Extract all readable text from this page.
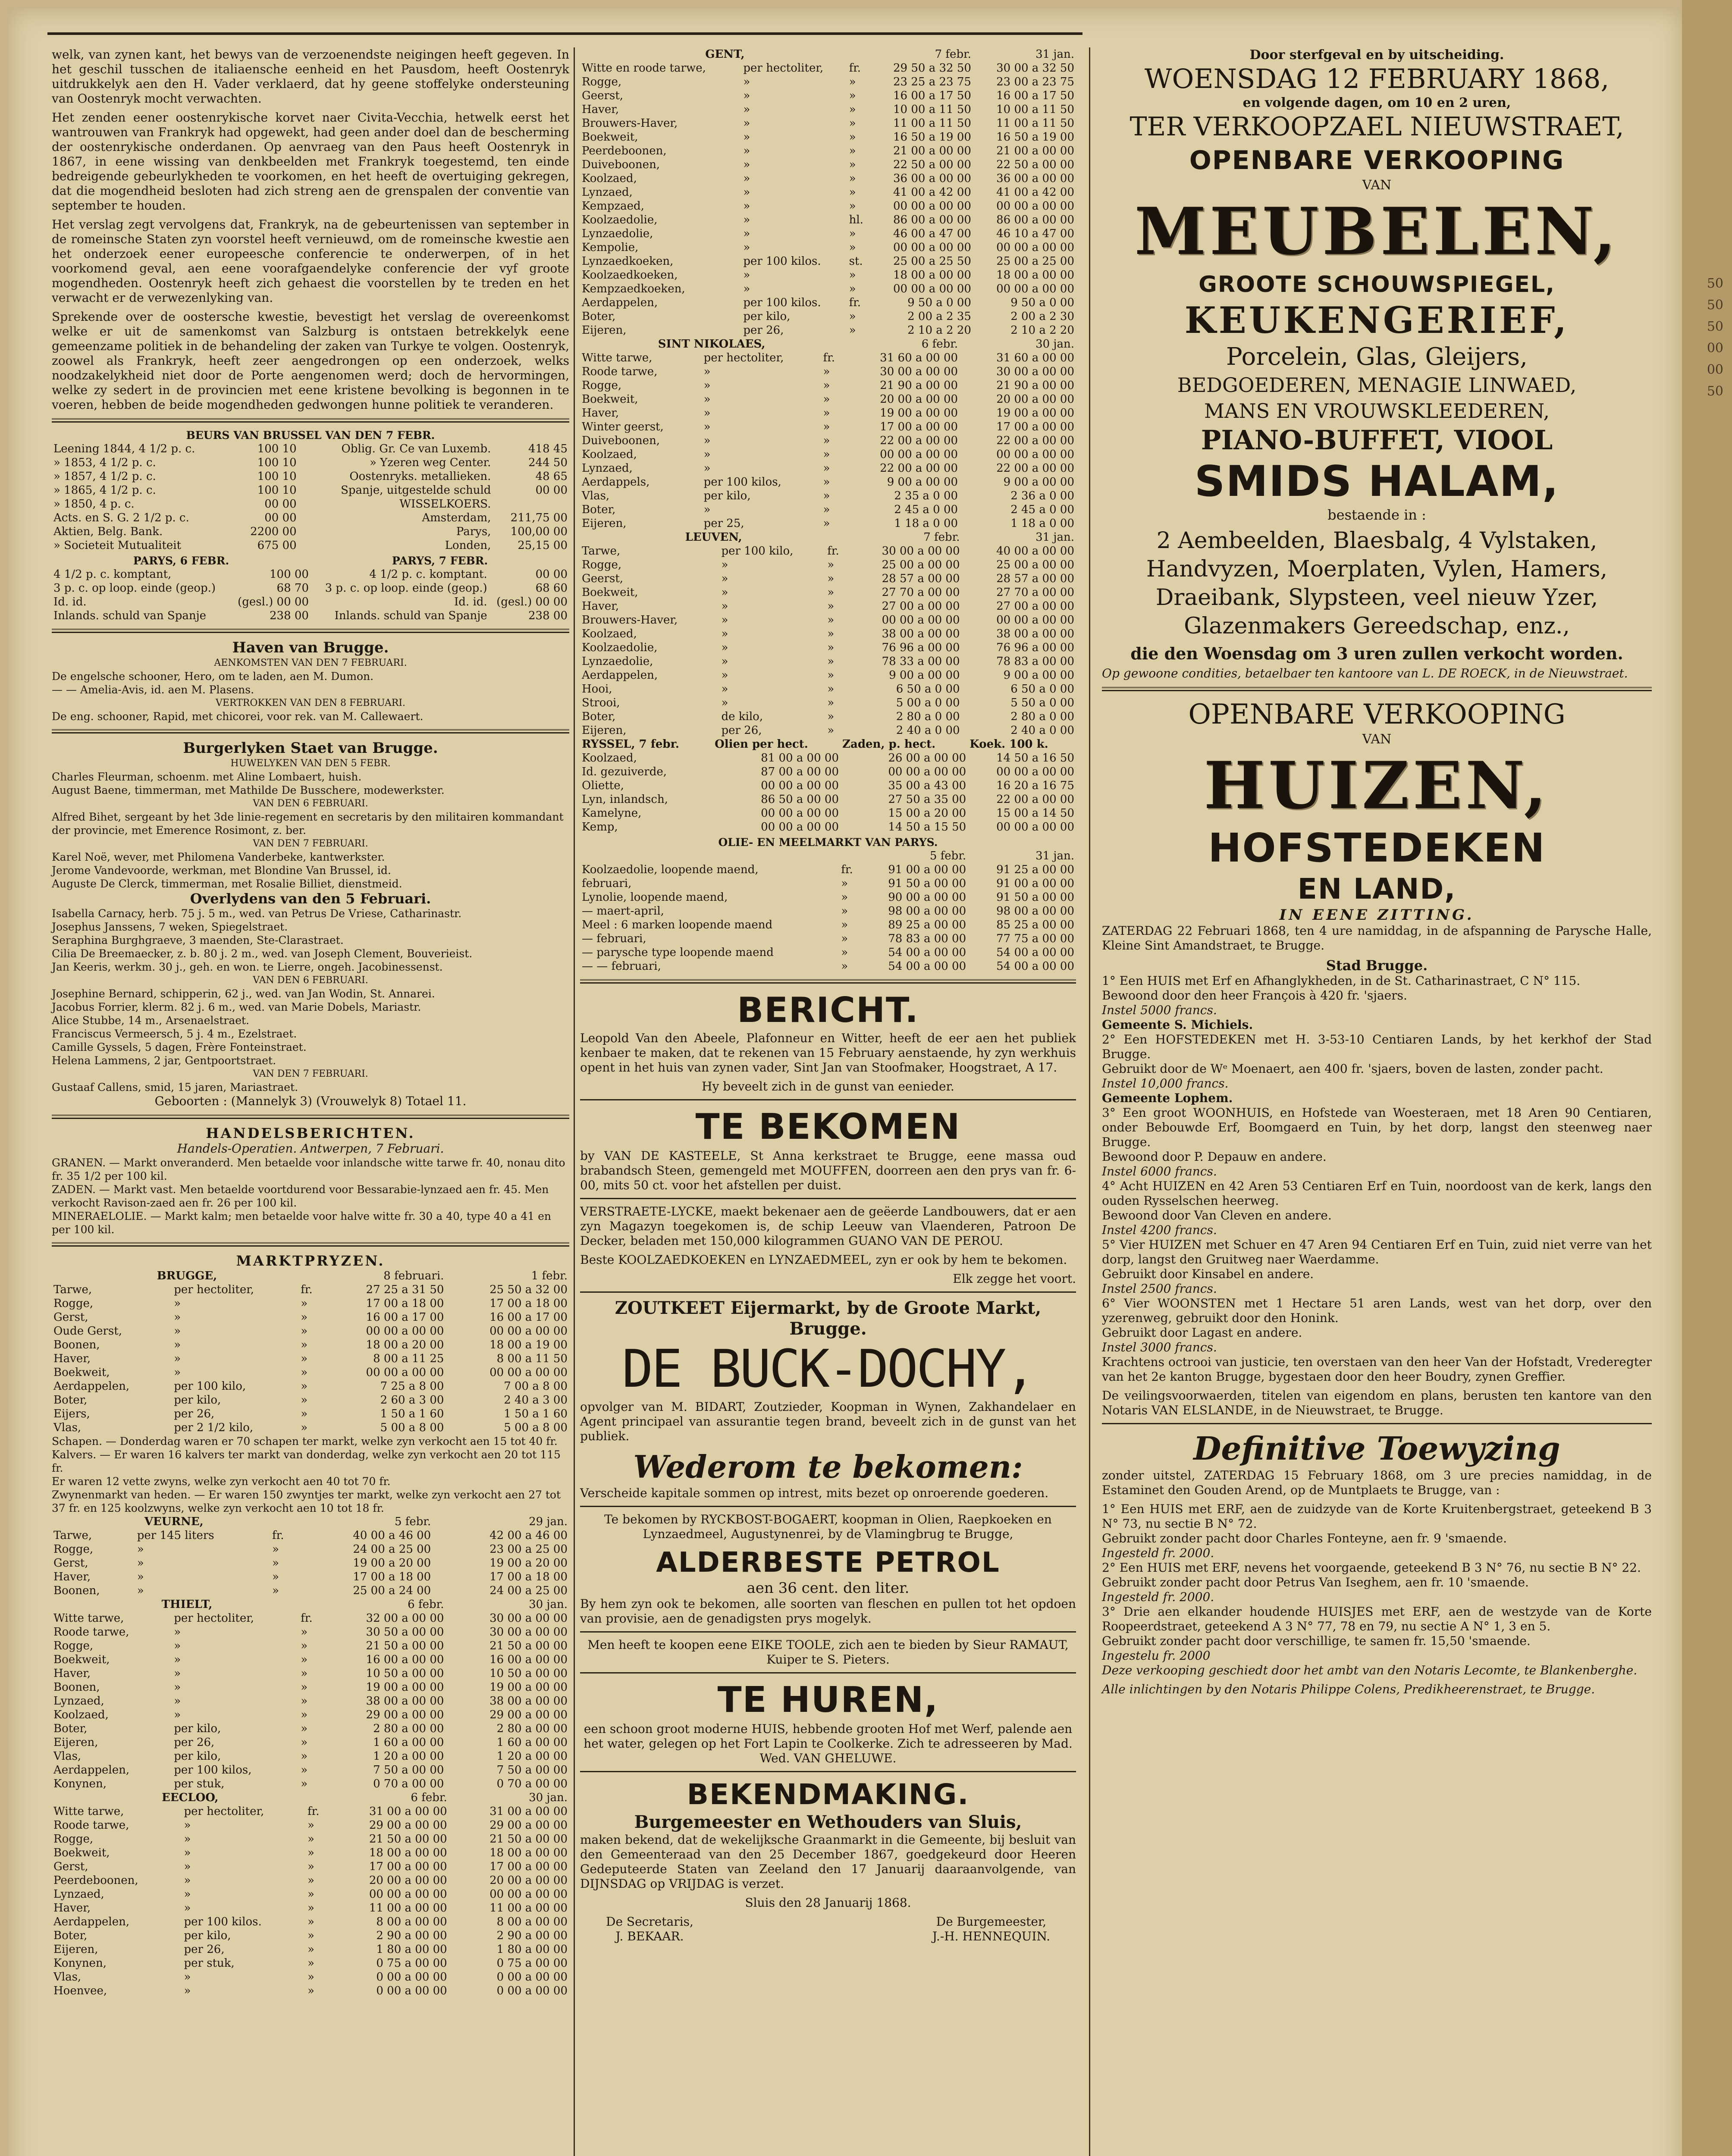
50
50
50
00
00
50

welk, van zynen kant, het bewys van de verzoenendste neigingen heeft gegeven. In het geschil tusschen de italiaensche eenheid en het Pausdom, heeft Oostenryk uitdrukkelyk aen den H. Vader verklaerd, dat hy geene stoffelyke ondersteuning van Oostenryk mocht verwachten.

Het zenden eener oostenrykische korvet naer Civita-Vecchia, hetwelk eerst het wantrouwen van Frankryk had opgewekt, had geen ander doel dan de bescherming der oostenrykische onderdanen. Op aenvraeg van den Paus heeft Oostenryk in 1867, in eene wissing van denkbeelden met Frankryk toegestemd, ten einde bedreigende gebeurlykheden te voorkomen, en het heeft de overtuiging gekregen, dat die mogendheid besloten had zich streng aen de grenspalen der conventie van september te houden.

Het verslag zegt vervolgens dat, Frankryk, na de gebeurtenissen van september in de romeinsche Staten zyn voorstel heeft vernieuwd, om de romeinsche kwestie aen het onderzoek eener europeesche conferencie te onderwerpen, of in het voorkomend geval, aen eene voorafgaendelyke conferencie der vyf groote mogendheden. Oostenryk heeft zich gehaest die voorstellen by te treden en het verwacht er de verwezenlyking van.

Sprekende over de oostersche kwestie, bevestigt het verslag de overeenkomst welke er uit de samenkomst van Salzburg is ontstaen betrekkelyk eene gemeenzame politiek in de behandeling der zaken van Turkye te volgen. Oostenryk, zoowel als Frankryk, heeft zeer aengedrongen op een onderzoek, welks noodzakelykheid niet door de Porte aengenomen werd; doch de hervormingen, welke zy sedert in de provincien met eene kristene bevolking is begonnen in te voeren, hebben de beide mogendheden gedwongen hunne politiek te veranderen.

BEURS VAN BRUSSEL VAN DEN 7 FEBR.
Leening 1844, 4 1/2 p. c.	100 10	Oblig. Gr. Ce van Luxemb.	418 45
» 1853, 4 1/2 p. c.	100 10	» Yzeren weg Center.	244 50
» 1857, 4 1/2 p. c.	100 10	Oostenryks. metallieken.	48 65
» 1865, 4 1/2 p. c.	100 10	Spanje, uitgestelde schuld	00 00
» 1850, 4 p. c.	00 00	WISSELKOERS.	
Acts. en S. G. 2 1/2 p. c.	00 00	Amsterdam,	211,75 00
Aktien, Belg. Bank.	2200 00	Parys,	100,00 00
» Societeit Mutualiteit	675 00	Londen,	25,15 00
PARYS, 6 FEBR.	PARYS, 7 FEBR.
4 1/2 p. c. komptant,	100 00	4 1/2 p. c. komptant.	00 00
3 p. c. op loop. einde (geop.)	68 70	3 p. c. op loop. einde (geop.)	68 60
Id. id.	(gesl.) 00 00	Id. id.	(gesl.) 00 00
Inlands. schuld van Spanje	238 00	Inlands. schuld van Spanje	238 00
Haven van Brugge.
AENKOMSTEN VAN DEN 7 FEBRUARI.
De engelsche schooner, Hero, om te laden, aen M. Dumon.
— — Amelia-Avis, id. aen M. Plasens.
VERTROKKEN VAN DEN 8 FEBRUARI.
De eng. schooner, Rapid, met chicorei, voor rek. van M. Callewaert.
Burgerlyken Staet van Brugge.
HUWELYKEN VAN DEN 5 FEBR.
Charles Fleurman, schoenm. met Aline Lombaert, huish.
August Baene, timmerman, met Mathilde De Busschere, modewerkster.
VAN DEN 6 FEBRUARI.
Alfred Bihet, sergeant by het 3de linie-regement en secretaris by den militairen kommandant der provincie, met Emerence Rosimont, z. ber.
VAN DEN 7 FEBRUARI.
Karel Noë, wever, met Philomena Vanderbeke, kantwerkster.
Jerome Vandevoorde, werkman, met Blondine Van Brussel, id.
Auguste De Clerck, timmerman, met Rosalie Billiet, dienstmeid.
Overlydens van den 5 Februari.
Isabella Carnacy, herb. 75 j. 5 m., wed. van Petrus De Vriese, Catharinastr.
Josephus Janssens, 7 weken, Spiegelstraet.
Seraphina Burghgraeve, 3 maenden, Ste-Clarastraet.
Cilia De Breemaecker, z. b. 80 j. 2 m., wed. van Joseph Clement, Bouverieist.
Jan Keeris, werkm. 30 j., geh. en won. te Lierre, ongeh. Jacobinessenst.
VAN DEN 6 FEBRUARI.
Josephine Bernard, schipperin, 62 j., wed. van Jan Wodin, St. Annarei.
Jacobus Forrier, klerm. 82 j. 6 m., wed. van Marie Dobels, Mariastr.
Alice Stubbe, 14 m., Arsenaelstraet.
Franciscus Vermeersch, 5 j. 4 m., Ezelstraet.
Camille Gyssels, 5 dagen, Frère Fonteinstraet.
Helena Lammens, 2 jar, Gentpoortstraet.
VAN DEN 7 FEBRUARI.
Gustaaf Callens, smid, 15 jaren, Mariastraet.
Geboorten : (Mannelyk 3) (Vrouwelyk 8) Totael 11.
HANDELSBERICHTEN.
Handels-Operatien. Antwerpen, 7 Februari.
GRANEN. — Markt onveranderd. Men betaelde voor inlandsche witte tarwe fr. 40, nonau dito fr. 35 1/2 per 100 kil.
ZADEN. — Markt vast. Men betaelde voortdurend voor Bessarabie-lynzaed aen fr. 45. Men verkocht Ravison-zaed aen fr. 26 per 100 kil.
MINERAELOLIE. — Markt kalm; men betaelde voor halve witte fr. 30 a 40, type 40 a 41 en per 100 kil.
MARKTPRYZEN.
BRUGGE,			8 februari.	1 febr.
Tarwe,	per hectoliter,	fr.	27 25 a 31 50	25 50 a 32 00
Rogge,	»	»	17 00 a 18 00	17 00 a 18 00
Gerst,	»	»	16 00 a 17 00	16 00 a 17 00
Oude Gerst,	»	»	00 00 a 00 00	00 00 a 00 00
Boonen,	»	»	18 00 a 20 00	18 00 a 19 00
Haver,	»	»	8 00 a 11 25	8 00 a 11 50
Boekweit,	»	»	00 00 a 00 00	00 00 a 00 00
Aerdappelen,	per 100 kilo,	»	7 25 a 8 00	7 00 a 8 00
Boter,	per kilo,	»	2 60 a 3 00	2 40 a 3 00
Eijers,	per 26,	»	1 50 a 1 60	1 50 a 1 60
Vlas,	per 2 1/2 kilo,	»	5 00 a 8 00	5 00 a 8 00
Schapen. — Donderdag waren er 70 schapen ter markt, welke zyn verkocht aen 15 tot 40 fr.
Kalvers. — Er waren 16 kalvers ter markt van donderdag, welke zyn verkocht aen 20 tot 115 fr.
Er waren 12 vette zwyns, welke zyn verkocht aen 40 tot 70 fr.
Zwynenmarkt van heden. — Er waren 150 zwyntjes ter markt, welke zyn verkocht aen 27 tot 37 fr. en 125 koolzwyns, welke zyn verkocht aen 10 tot 18 fr.
VEURNE,			5 febr.	29 jan.
Tarwe,	per 145 liters	fr.	40 00 a 46 00	42 00 a 46 00
Rogge,	»	»	24 00 a 25 00	23 00 a 25 00
Gerst,	»	»	19 00 a 20 00	19 00 a 20 00
Haver,	»	»	17 00 a 18 00	17 00 a 18 00
Boonen,	»	»	25 00 a 24 00	24 00 a 25 00
THIELT,			6 febr.	30 jan.
Witte tarwe,	per hectoliter,	fr.	32 00 a 00 00	30 00 a 00 00
Roode tarwe,	»	»	30 50 a 00 00	30 00 a 00 00
Rogge,	»	»	21 50 a 00 00	21 50 a 00 00
Boekweit,	»	»	16 00 a 00 00	16 00 a 00 00
Haver,	»	»	10 50 a 00 00	10 50 a 00 00
Boonen,	»	»	19 00 a 00 00	19 00 a 00 00
Lynzaed,	»	»	38 00 a 00 00	38 00 a 00 00
Koolzaed,	»	»	29 00 a 00 00	29 00 a 00 00
Boter,	per kilo,	»	2 80 a 00 00	2 80 a 00 00
Eijeren,	per 26,	»	1 60 a 00 00	1 60 a 00 00
Vlas,	per kilo,	»	1 20 a 00 00	1 20 a 00 00
Aerdappelen,	per 100 kilos,	»	7 50 a 00 00	7 50 a 00 00
Konynen,	per stuk,	»	0 70 a 00 00	0 70 a 00 00
EECLOO,			6 febr.	30 jan.
Witte tarwe,	per hectoliter,	fr.	31 00 a 00 00	31 00 a 00 00
Roode tarwe,	»	»	29 00 a 00 00	29 00 a 00 00
Rogge,	»	»	21 50 a 00 00	21 50 a 00 00
Boekweit,	»	»	18 00 a 00 00	18 00 a 00 00
Gerst,	»	»	17 00 a 00 00	17 00 a 00 00
Peerdeboonen,	»	»	20 00 a 00 00	20 00 a 00 00
Lynzaed,	»	»	00 00 a 00 00	00 00 a 00 00
Haver,	»	»	11 00 a 00 00	11 00 a 00 00
Aerdappelen,	per 100 kilos.	»	8 00 a 00 00	8 00 a 00 00
Boter,	per kilo,	»	2 90 a 00 00	2 90 a 00 00
Eijeren,	per 26,	»	1 80 a 00 00	1 80 a 00 00
Konynen,	per stuk,	»	0 75 a 00 00	0 75 a 00 00
Vlas,	»	»	0 00 a 00 00	0 00 a 00 00
Hoenvee,	»	»	0 00 a 00 00	0 00 a 00 00
GENT,			7 febr.	31 jan.
Witte en roode tarwe,	per hectoliter,	fr.	29 50 a 32 50	30 00 a 32 50
Rogge,	»	»	23 25 a 23 75	23 00 a 23 75
Geerst,	»	»	16 00 a 17 50	16 00 a 17 50
Haver,	»	»	10 00 a 11 50	10 00 a 11 50
Brouwers-Haver,	»	»	11 00 a 11 50	11 00 a 11 50
Boekweit,	»	»	16 50 a 19 00	16 50 a 19 00
Peerdeboonen,	»	»	21 00 a 00 00	21 00 a 00 00
Duiveboonen,	»	»	22 50 a 00 00	22 50 a 00 00
Koolzaed,	»	»	36 00 a 00 00	36 00 a 00 00
Lynzaed,	»	»	41 00 a 42 00	41 00 a 42 00
Kempzaed,	»	»	00 00 a 00 00	00 00 a 00 00
Koolzaedolie,	»	hl.	86 00 a 00 00	86 00 a 00 00
Lynzaedolie,	»	»	46 00 a 47 00	46 10 a 47 00
Kempolie,	»	»	00 00 a 00 00	00 00 a 00 00
Lynzaedkoeken,	per 100 kilos.	st.	25 00 a 25 50	25 00 a 25 00
Koolzaedkoeken,	»	»	18 00 a 00 00	18 00 a 00 00
Kempzaedkoeken,	»	»	00 00 a 00 00	00 00 a 00 00
Aerdappelen,	per 100 kilos.	fr.	9 50 a 0 00	9 50 a 0 00
Boter,	per kilo,	»	2 00 a 2 35	2 00 a 2 30
Eijeren,	per 26,	»	2 10 a 2 20	2 10 a 2 20
SINT NIKOLAES,			6 febr.	30 jan.
Witte tarwe,	per hectoliter,	fr.	31 60 a 00 00	31 60 a 00 00
Roode tarwe,	»	»	30 00 a 00 00	30 00 a 00 00
Rogge,	»	»	21 90 a 00 00	21 90 a 00 00
Boekweit,	»	»	20 00 a 00 00	20 00 a 00 00
Haver,	»	»	19 00 a 00 00	19 00 a 00 00
Winter geerst,	»	»	17 00 a 00 00	17 00 a 00 00
Duiveboonen,	»	»	22 00 a 00 00	22 00 a 00 00
Koolzaed,	»	»	00 00 a 00 00	00 00 a 00 00
Lynzaed,	»	»	22 00 a 00 00	22 00 a 00 00
Aerdappels,	per 100 kilos,	»	9 00 a 00 00	9 00 a 00 00
Vlas,	per kilo,	»	2 35 a 0 00	2 36 a 0 00
Boter,	»	»	2 45 a 0 00	2 45 a 0 00
Eijeren,	per 25,	»	1 18 a 0 00	1 18 a 0 00
LEUVEN,			7 febr.	31 jan.
Tarwe,	per 100 kilo,	fr.	30 00 a 00 00	40 00 a 00 00
Rogge,	»	»	25 00 a 00 00	25 00 a 00 00
Geerst,	»	»	28 57 a 00 00	28 57 a 00 00
Boekweit,	»	»	27 70 a 00 00	27 70 a 00 00
Haver,	»	»	27 00 a 00 00	27 00 a 00 00
Brouwers-Haver,	»	»	00 00 a 00 00	00 00 a 00 00
Koolzaed,	»	»	38 00 a 00 00	38 00 a 00 00
Koolzaedolie,	»	»	76 96 a 00 00	76 96 a 00 00
Lynzaedolie,	»	»	78 33 a 00 00	78 83 a 00 00
Aerdappelen,	»	»	9 00 a 00 00	9 00 a 00 00
Hooi,	»	»	6 50 a 0 00	6 50 a 0 00
Strooi,	»	»	5 00 a 0 00	5 50 a 0 00
Boter,	de kilo,	»	2 80 a 0 00	2 80 a 0 00
Eijeren,	per 26,	»	2 40 a 0 00	2 40 a 0 00
RYSSEL, 7 febr.	Olien per hect.	Zaden, p. hect.	Koek. 100 k.
Koolzaed,	81 00 a 00 00	26 00 a 00 00	14 50 a 16 50
Id. gezuiverde,	87 00 a 00 00	00 00 a 00 00	00 00 a 00 00
Oliette,	00 00 a 00 00	35 00 a 43 00	16 20 a 16 75
Lyn, inlandsch,	86 50 a 00 00	27 50 a 35 00	22 00 a 00 00
Kamelyne,	00 00 a 00 00	15 00 a 20 00	15 00 a 14 50
Kemp,	00 00 a 00 00	14 50 a 15 50	00 00 a 00 00
OLIE- EN MEELMARKT VAN PARYS.
		5 febr.	31 jan.
Koolzaedolie, loopende maend,	fr.	91 00 a 00 00	91 25 a 00 00
februari,	»	91 50 a 00 00	91 00 a 00 00
Lynolie, loopende maend,	»	90 00 a 00 00	91 50 a 00 00
— maert-april,	»	98 00 a 00 00	98 00 a 00 00
Meel : 6 marken loopende maend	»	89 25 a 00 00	85 25 a 00 00
— februari,	»	78 83 a 00 00	77 75 a 00 00
— parysche type loopende maend	»	54 00 a 00 00	54 00 a 00 00
— — februari,	»	54 00 a 00 00	54 00 a 00 00
BERICHT.

Leopold Van den Abeele, Plafonneur en Witter, heeft de eer aen het publiek kenbaer te maken, dat te rekenen van 15 February aenstaende, hy zyn werkhuis opent in het huis van zynen vader, Sint Jan van Stoofmaker, Hoogstraet, A 17.

Hy beveelt zich in de gunst van eenieder.

TE BEKOMEN

by VAN DE KASTEELE, St Anna kerkstraet te Brugge, eene massa oud brabandsch Steen, gemengeld met MOUFFEN, doorreen aen den prys van fr. 6-00, mits 50 ct. voor het afstellen per duist.

VERSTRAETE-LYCKE, maekt bekenaer aen de geëerde Landbouwers, dat er aen zyn Magazyn toegekomen is, de schip Leeuw van Vlaenderen, Patroon De Decker, beladen met 150,000 kilogrammen GUANO VAN DE PEROU.

Beste KOOLZAEDKOEKEN en LYNZAEDMEEL, zyn er ook by hem te bekomen.

Elk zegge het voort.

ZOUTKEET Eijermarkt, by de Groote Markt, Brugge.
DE BUCK-DOCHY,

opvolger van M. BIDART, Zoutzieder, Koopman in Wynen, Zakhandelaer en Agent principael van assurantie tegen brand, beveelt zich in de gunst van het publiek.

Wederom te bekomen:

Verscheide kapitale sommen op intrest, mits bezet op onroerende goederen.

Te bekomen by RYCKBOST-BOGAERT, koopman in Olien, Raepkoeken en Lynzaedmeel, Augustynenrei, by de Vlamingbrug te Brugge,

ALDERBESTE PETROL
aen 36 cent. den liter.

By hem zyn ook te bekomen, alle soorten van fleschen en pullen tot het opdoen van provisie, aen de genadigsten prys mogelyk.

Men heeft te koopen eene EIKE TOOLE, zich aen te bieden by Sieur RAMAUT, Kuiper te S. Pieters.

TE HUREN,

een schoon groot moderne HUIS, hebbende grooten Hof met Werf, palende aen het water, gelegen op het Fort Lapin te Coolkerke. Zich te adresseeren by Mad. Wed. VAN GHELUWE.

BEKENDMAKING.
Burgemeester en Wethouders van Sluis,

maken bekend, dat de wekelijksche Graanmarkt in die Gemeente, bij besluit van den Gemeenteraad van den 25 December 1867, goedgekeurd door Heeren Gedeputeerde Staten van Zeeland den 17 Januarij daaraanvolgende, van DIJNSDAG op VRIJDAG is verzet.

Sluis den 28 Januarij 1868.

De Secretaris,
J. BEKAAR.
De Burgemeester,
J.-H. HENNEQUIN.
Door sterfgeval en by uitscheiding.
WOENSDAG 12 FEBRUARY 1868,
en volgende dagen, om 10 en 2 uren,
TER VERKOOPZAEL NIEUWSTRAET,
OPENBARE VERKOOPING
VAN
MEUBELEN,
GROOTE SCHOUWSPIEGEL,
KEUKENGERIEF,
Porcelein, Glas, Gleijers,
BEDGOEDEREN, MENAGIE LINWAED,
MANS EN VROUWSKLEEDEREN,
PIANO-BUFFET, VIOOL
SMIDS HALAM,
bestaende in :

2 Aembeelden, Blaesbalg, 4 Vylstaken, Handvyzen, Moerplaten, Vylen, Hamers, Draeibank, Slypsteen, veel nieuw Yzer, Glazenmakers Gereedschap, enz.,

die den Woensdag om 3 uren zullen verkocht worden.

Op gewoone condities, betaelbaer ten kantoore van L. DE ROECK, in de Nieuwstraet.

OPENBARE VERKOOPING
VAN
HUIZEN,
HOFSTEDEKEN
EN LAND,
IN EENE ZITTING.

ZATERDAG 22 Februari 1868, ten 4 ure namiddag, in de afspanning de Parysche Halle, Kleine Sint Amandstraet, te Brugge.

Stad Brugge.
1° Een HUIS met Erf en Afhanglykheden, in de St. Catharinastraet, C N° 115.
Bewoond door den heer François à 420 fr. 'sjaers.
Instel 5000 francs.
Gemeente S. Michiels.
2° Een HOFSTEDEKEN met H. 3-53-10 Centiaren Lands, by het kerkhof der Stad Brugge.
Gebruikt door de Wᵉ Moenaert, aen 400 fr. 'sjaers, boven de lasten, zonder pacht.
Instel 10,000 francs.
Gemeente Lophem.
3° Een groot WOONHUIS, en Hofstede van Woesteraen, met 18 Aren 90 Centiaren, onder Bebouwde Erf, Boomgaerd en Tuin, by het dorp, langst den steenweg naer Brugge.
Bewoond door P. Depauw en andere.
Instel 6000 francs.
4° Acht HUIZEN en 42 Aren 53 Centiaren Erf en Tuin, noordoost van de kerk, langs den ouden Rysselschen heerweg.
Bewoond door Van Cleven en andere.
Instel 4200 francs.
5° Vier HUIZEN met Schuer en 47 Aren 94 Centiaren Erf en Tuin, zuid niet verre van het dorp, langst den Gruitweg naer Waerdamme.
Gebruikt door Kinsabel en andere.
Instel 2500 francs.
6° Vier WOONSTEN met 1 Hectare 51 aren Lands, west van het dorp, over den yzerenweg, gebruikt door den Honink.
Gebruikt door Lagast en andere.
Instel 3000 francs.

Krachtens octrooi van justicie, ten overstaen van den heer Van der Hofstadt, Vrederegter van het 2e kanton Brugge, bygestaen door den heer Boudry, zynen Greffier.

De veilingsvoorwaerden, titelen van eigendom en plans, berusten ten kantore van den Notaris VAN ELSLANDE, in de Nieuwstraet, te Brugge.

Definitive Toewyzing

zonder uitstel, ZATERDAG 15 February 1868, om 3 ure precies namiddag, in de Estaminet den Gouden Arend, op de Muntplaets te Brugge, van :

1° Een HUIS met ERF, aen de zuidzyde van de Korte Kruitenbergstraet, geteekend B 3 N° 73, nu sectie B N° 72.
Gebruikt zonder pacht door Charles Fonteyne, aen fr. 9 'smaende.
Ingesteld fr. 2000.
2° Een HUIS met ERF, nevens het voorgaende, geteekend B 3 N° 76, nu sectie B N° 22.
Gebruikt zonder pacht door Petrus Van Iseghem, aen fr. 10 'smaende.
Ingesteld fr. 2000.
3° Drie aen elkander houdende HUISJES met ERF, aen de westzyde van de Korte Roopeerdstraet, geteekend A 3 N° 77, 78 en 79, nu sectie A N° 1, 3 en 5.
Gebruikt zonder pacht door verschillige, te samen fr. 15,50 'smaende.
Ingestelu fr. 2000

Deze verkooping geschiedt door het ambt van den Notaris Lecomte, te Blankenberghe.

Alle inlichtingen by den Notaris Philippe Colens, Predikheerenstraet, te Brugge.
